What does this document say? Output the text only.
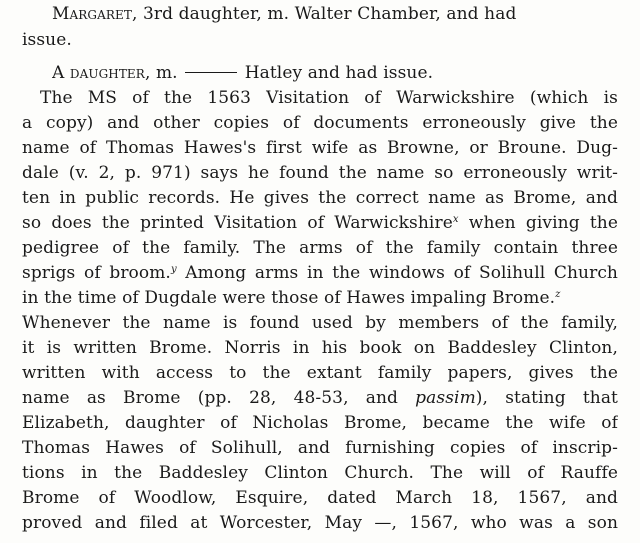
Margaret, 3rd daughter, m. Walter Chamber, and had
issue.
A daughter, m.	Hatley and had issue.
The MS of the 1563 Visitation of Warwickshire (which is
a copy) and other copies of documents erroneously give the
name of Thomas Hawes's first wife as Browne, or Broune. Dug-
dale (v. 2, p. 971) says he found the name so erroneously writ-
ten in public records. He gives the correct name as Brome, and
so does the printed Visitation of Warwickshire$^x$ when giving the
pedigree of the family. The arms of the family contain three
sprigs of broom.$^y$ Among arms in the windows of Solihull Church
in the time of Dugdale were those of Hawes impaling Brome.$^z$
Whenever the name is found used by members of the family,
it is written Brome. Norris in his book on Baddesley Clinton,
written with access to the extant family papers, gives the
name as Brome (pp. 28, 48-53, and passim), stating that
Elizabeth, daughter of Nicholas Brome, became the wife of
Thomas Hawes of Solihull, and furnishing copies of inscrip-
tions in the Baddesley Clinton Church. The will of Rauffe
Brome of Woodlow, Esquire, dated March 18, 1567, and
proved and filed at Worcester, May —, 1567, who was a son
